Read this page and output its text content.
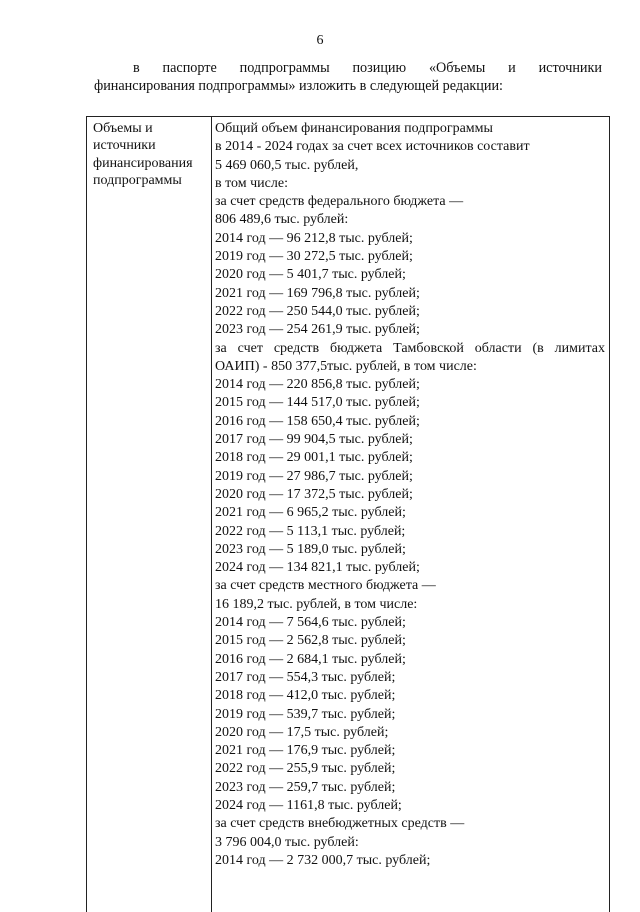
6
в паспорте подпрограммы позицию «Объемы и источники
финансирования подпрограммы» изложить в следующей редакции:
Объемы и
источники
финансирования
подпрограммы
Общий объем финансирования подпрограммы
в 2014 - 2024 годах за счет всех источников составит
5 469 060,5 тыс. рублей,
в том числе:
за счет средств федерального бюджета —
806 489,6 тыс. рублей:
2014 год — 96 212,8 тыс. рублей;
2019 год — 30 272,5 тыс. рублей;
2020 год — 5 401,7 тыс. рублей;
2021 год — 169 796,8 тыс. рублей;
2022 год — 250 544,0 тыс. рублей;
2023 год — 254 261,9 тыс. рублей;
за счет средств бюджета Тамбовской области (в лимитах
ОАИП) - 850 377,5тыс. рублей, в том числе:
2014 год — 220 856,8 тыс. рублей;
2015 год — 144 517,0 тыс. рублей;
2016 год — 158 650,4 тыс. рублей;
2017 год — 99 904,5 тыс. рублей;
2018 год — 29 001,1 тыс. рублей;
2019 год — 27 986,7 тыс. рублей;
2020 год — 17 372,5 тыс. рублей;
2021 год — 6 965,2 тыс. рублей;
2022 год — 5 113,1 тыс. рублей;
2023 год — 5 189,0 тыс. рублей;
2024 год — 134 821,1 тыс. рублей;
за счет средств местного бюджета —
16 189,2 тыс. рублей, в том числе:
2014 год — 7 564,6 тыс. рублей;
2015 год — 2 562,8 тыс. рублей;
2016 год — 2 684,1 тыс. рублей;
2017 год — 554,3 тыс. рублей;
2018 год — 412,0 тыс. рублей;
2019 год — 539,7 тыс. рублей;
2020 год — 17,5 тыс. рублей;
2021 год — 176,9 тыс. рублей;
2022 год — 255,9 тыс. рублей;
2023 год — 259,7 тыс. рублей;
2024 год — 1161,8 тыс. рублей;
за счет средств внебюджетных средств —
3 796 004,0 тыс. рублей:
2014 год — 2 732 000,7 тыс. рублей;
